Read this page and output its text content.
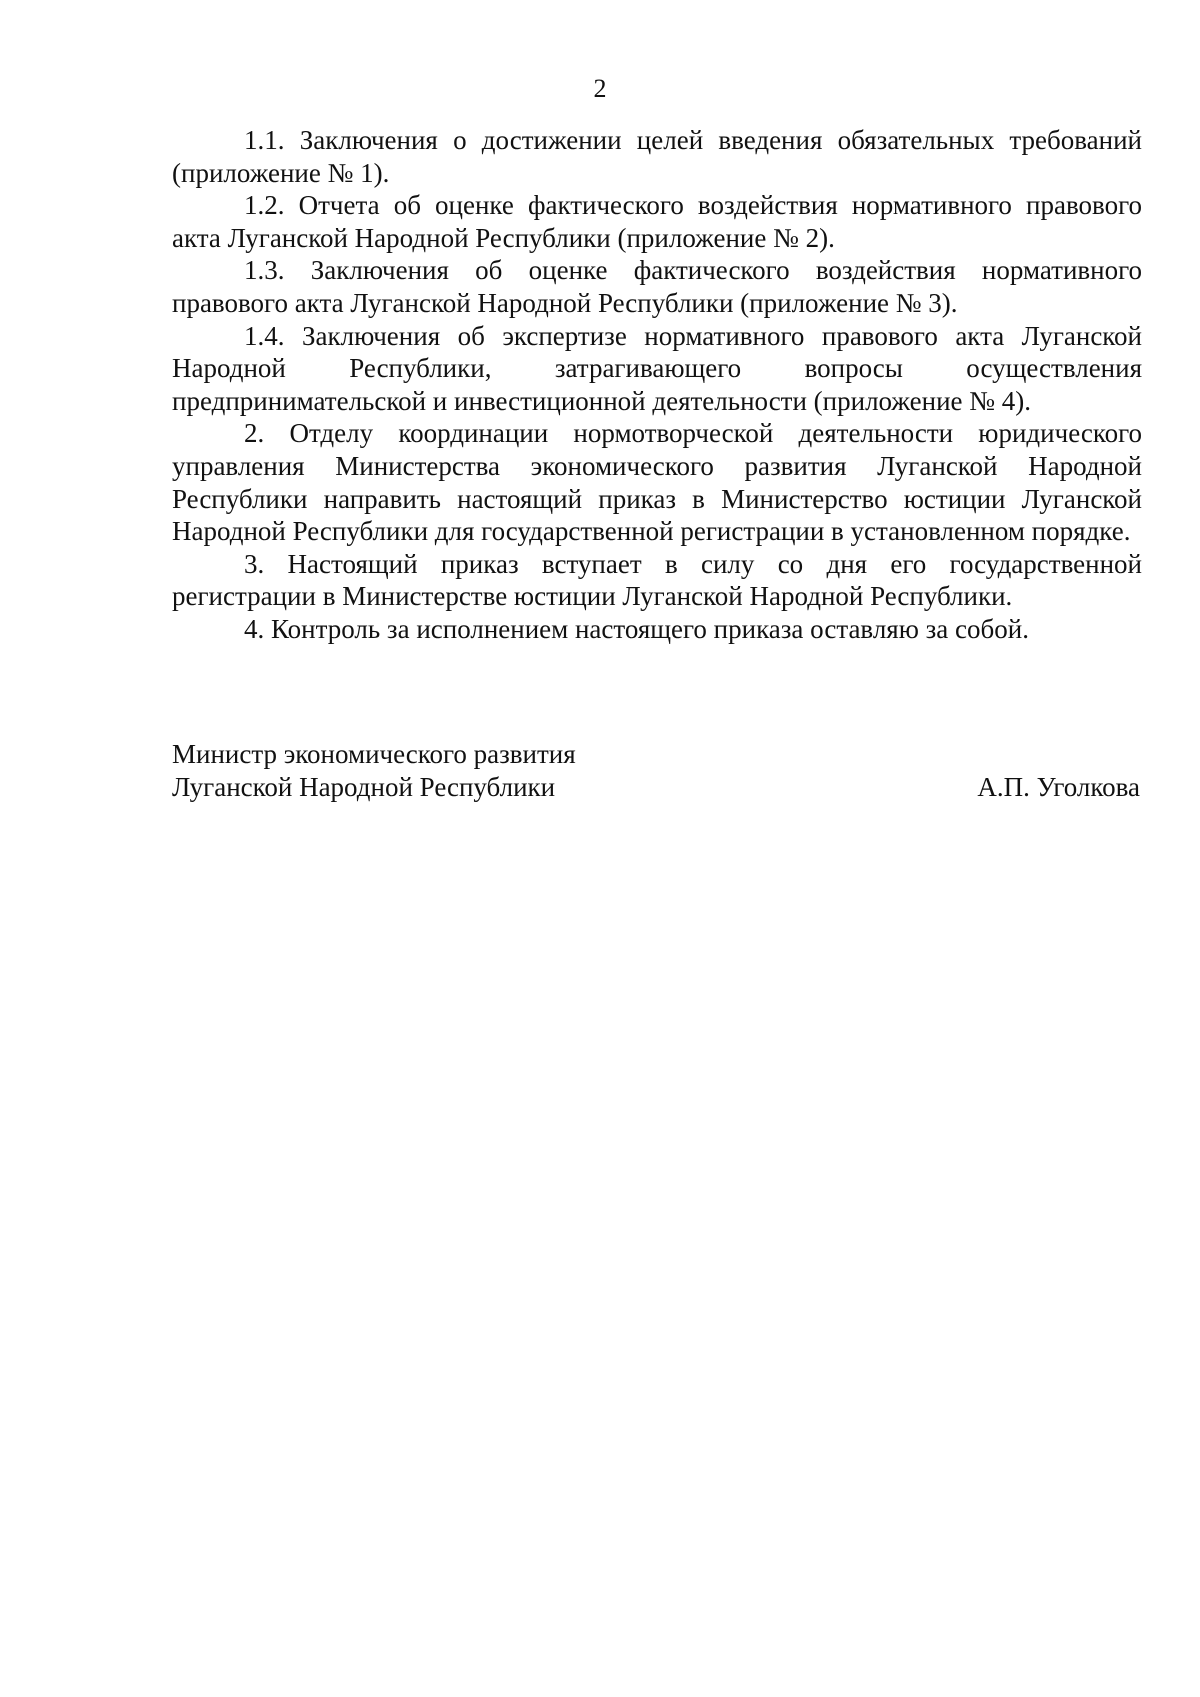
2

1.1. Заключения о достижении целей введения обязательных требований (приложение № 1).

1.2. Отчета об оценке фактического воздействия нормативного правового акта Луганской Народной Республики (приложение № 2).

1.3. Заключения об оценке фактического воздействия нормативного правового акта Луганской Народной Республики (приложение № 3).

1.4. Заключения об экспертизе нормативного правового акта Луганской Народной Республики, затрагивающего вопросы осуществления предпринимательской и инвестиционной деятельности (приложение № 4).

2. Отделу координации нормотворческой деятельности юридического управления Министерства экономического развития Луганской Народной Республики направить настоящий приказ в Министерство юстиции Луганской Народной Республики для государственной регистрации в установленном порядке.

3. Настоящий приказ вступает в силу со дня его государственной регистрации в Министерстве юстиции Луганской Народной Республики.

4. Контроль за исполнением настоящего приказа оставляю за собой.

Министр экономического развития
Луганской Народной Республики	А.П. Уголкова
